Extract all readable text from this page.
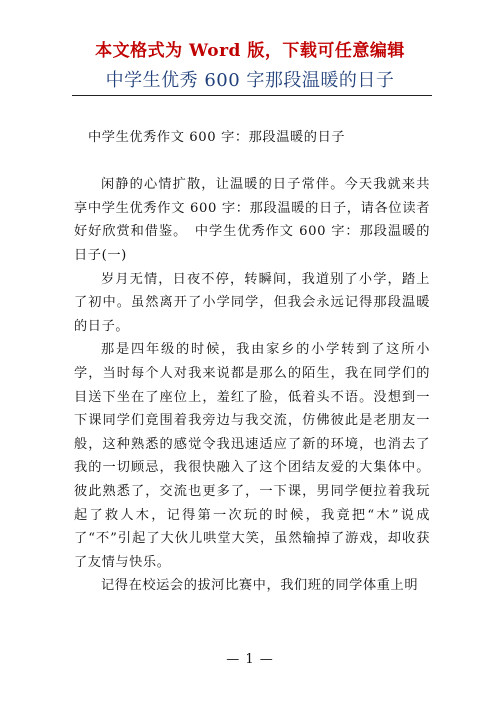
本文格式为 Word 版，下载可任意编辑
中学生优秀 600 字那段温暖的日子

中学生优秀作文 600 字：那段温暖的日子

闲静的心情扩散，让温暖的日子常伴。今天我就来共享中学生优秀作文 600 字：那段温暖的日子，请各位读者好好欣赏和借鉴。　中学生优秀作文 600 字：那段温暖的日子(一)

岁月无情，日夜不停，转瞬间，我道别了小学，踏上了初中。虽然离开了小学同学，但我会永远记得那段温暖的日子。

那是四年级的时候，我由家乡的小学转到了这所小学，当时每个人对我来说都是那么的陌生，我在同学们的目送下坐在了座位上，羞红了脸，低着头不语。没想到一下课同学们竟围着我旁边与我交流，仿佛彼此是老朋友一般，这种熟悉的感觉令我迅速适应了新的环境，也消去了我的一切顾忌，我很快融入了这个团结友爱的大集体中。彼此熟悉了，交流也更多了，一下课，男同学便拉着我玩起了救人木，记得第一次玩的时候，我竟把“木”说成了“不”引起了大伙儿哄堂大笑，虽然输掉了游戏，却收获了友情与快乐。

记得在校运会的拔河比赛中，我们班的同学体重上明

— 1 —
